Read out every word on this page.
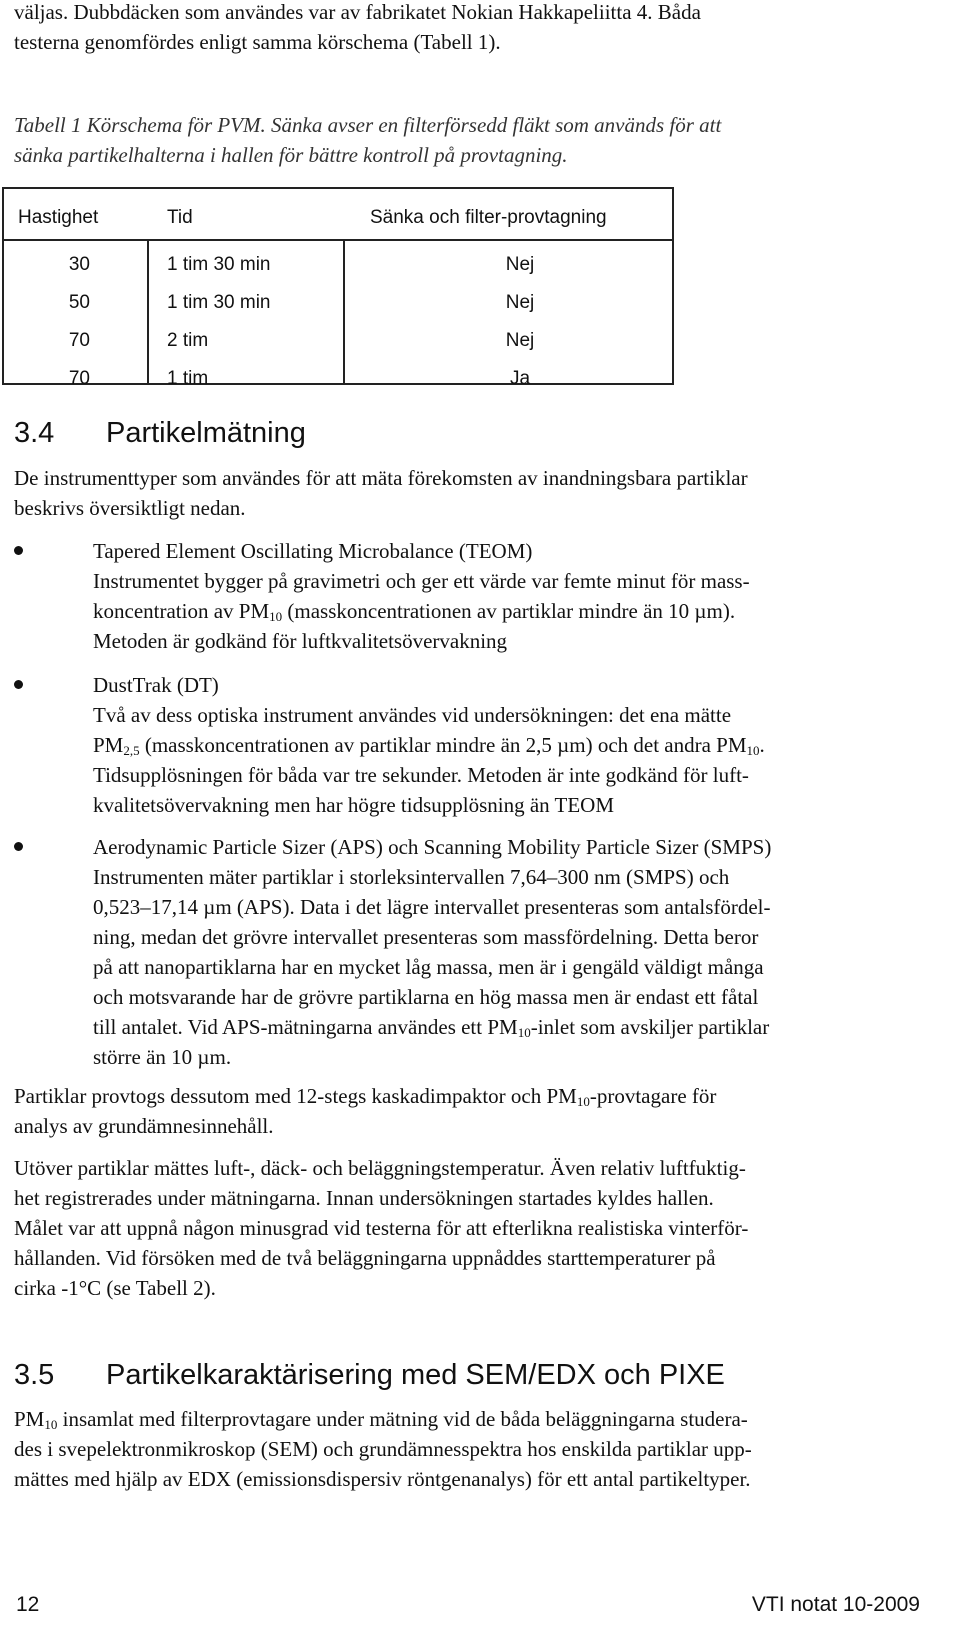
väljas. Dubbdäcken som användes var av fabrikatet Nokian Hakkapeliitta 4. Båda

testerna genomfördes enligt samma körschema (Tabell 1).

Tabell 1 Körschema för PVM. Sänka avser en filterförsedd fläkt som används för att

sänka partikelhalterna i hallen för bättre kontroll på provtagning.

Hastighet	Tid	Sänka och filter-provtagning
30	1 tim 30 min	Nej
50	1 tim 30 min	Nej
70	2 tim	Nej
70	1 tim	Ja
3.4 Partikelmätning

De instrumenttyper som användes för att mäta förekomsten av inandningsbara partiklar

beskrivs översiktligt nedan.

Tapered Element Oscillating Microbalance (TEOM)

Instrumentet bygger på gravimetri och ger ett värde var femte minut för mass-

koncentration av $PM_{10}$ (masskoncentrationen av partiklar mindre än 10 µm).

Metoden är godkänd för luftkvalitetsövervakning

DustTrak (DT)

Två av dess optiska instrument användes vid undersökningen: det ena mätte

$PM_{2,5}$ (masskoncentrationen av partiklar mindre än 2,5 µm) och det andra $PM_{10}$.

Tidsupplösningen för båda var tre sekunder. Metoden är inte godkänd för luft-

kvalitetsövervakning men har högre tidsupplösning än TEOM

Aerodynamic Particle Sizer (APS) och Scanning Mobility Particle Sizer (SMPS)

Instrumenten mäter partiklar i storleksintervallen 7,64–300 nm (SMPS) och

0,523–17,14 µm (APS). Data i det lägre intervallet presenteras som antalsfördel-

ning, medan det grövre intervallet presenteras som massfördelning. Detta beror

på att nanopartiklarna har en mycket låg massa, men är i gengäld väldigt många

och motsvarande har de grövre partiklarna en hög massa men är endast ett fåtal

till antalet. Vid APS-mätningarna användes ett $PM_{10}$-inlet som avskiljer partiklar

större än 10 µm.

Partiklar provtogs dessutom med 12-stegs kaskadimpaktor och $PM_{10}$-provtagare för

analys av grundämnesinnehåll.

Utöver partiklar mättes luft-, däck- och beläggningstemperatur. Även relativ luftfuktig-

het registrerades under mätningarna. Innan undersökningen startades kyldes hallen.

Målet var att uppnå någon minusgrad vid testerna för att efterlikna realistiska vinterför-

hållanden. Vid försöken med de två beläggningarna uppnåddes starttemperaturer på

cirka -1°C (se Tabell 2).

3.5 Partikelkaraktärisering med SEM/EDX och PIXE

$PM_{10}$ insamlat med filterprovtagare under mätning vid de båda beläggningarna studera-

des i svepelektronmikroskop (SEM) och grundämnesspektra hos enskilda partiklar upp-

mättes med hjälp av EDX (emissionsdispersiv röntgenanalys) för ett antal partikeltyper.

12	VTI notat 10-2009
